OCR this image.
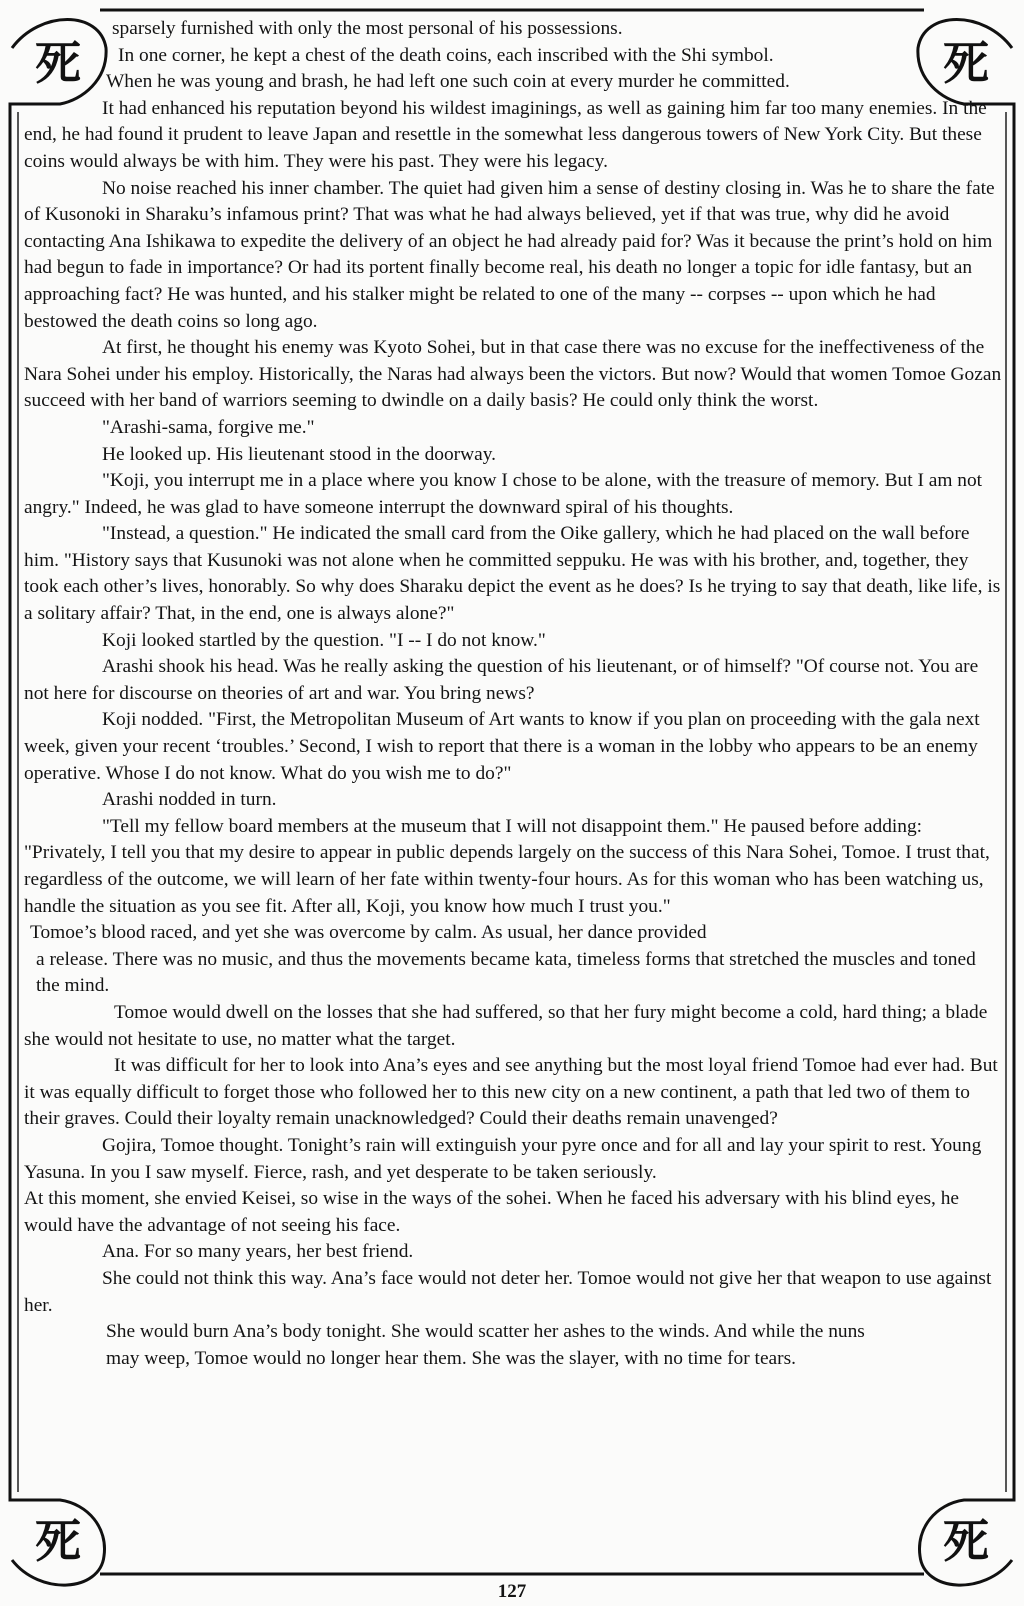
死	死
死	死

sparsely furnished with only the most personal of his possessions.

In one corner, he kept a chest of the death coins, each inscribed with the Shi symbol.

When he was young and brash, he had left one such coin at every murder he committed.

It had enhanced his reputation beyond his wildest imaginings, as well as gaining him far too many enemies. In the end, he had found it prudent to leave Japan and resettle in the somewhat less dangerous towers of New York City. But these coins would always be with him. They were his past. They were his legacy.

No noise reached his inner chamber. The quiet had given him a sense of destiny closing in. Was he to share the fate of Kusonoki in Sharaku’s infamous print? That was what he had always believed, yet if that was true, why did he avoid contacting Ana Ishikawa to expedite the delivery of an object he had already paid for? Was it because the print’s hold on him had begun to fade in importance? Or had its portent finally become real, his death no longer a topic for idle fantasy, but an approaching fact? He was hunted, and his stalker might be related to one of the many -- corpses -- upon which he had bestowed the death coins so long ago.

At first, he thought his enemy was Kyoto Sohei, but in that case there was no excuse for the ineffectiveness of the Nara Sohei under his employ. Historically, the Naras had always been the victors. But now? Would that women Tomoe Gozan succeed with her band of warriors seeming to dwindle on a daily basis? He could only think the worst.

"Arashi-sama, forgive me."

He looked up. His lieutenant stood in the doorway.

"Koji, you interrupt me in a place where you know I chose to be alone, with the treasure of memory. But I am not angry." Indeed, he was glad to have someone interrupt the downward spiral of his thoughts.

"Instead, a question." He indicated the small card from the Oike gallery, which he had placed on the wall before him. "History says that Kusunoki was not alone when he committed seppuku. He was with his brother, and, together, they took each other’s lives, honorably. So why does Sharaku depict the event as he does? Is he trying to say that death, like life, is a solitary affair? That, in the end, one is always alone?"

Koji looked startled by the question. "I -- I do not know."

Arashi shook his head. Was he really asking the question of his lieutenant, or of himself? "Of course not. You are not here for discourse on theories of art and war. You bring news?

Koji nodded. "First, the Metropolitan Museum of Art wants to know if you plan on proceeding with the gala next week, given your recent ‘troubles.’ Second, I wish to report that there is a woman in the lobby who appears to be an enemy operative. Whose I do not know. What do you wish me to do?"

Arashi nodded in turn.

"Tell my fellow board members at the museum that I will not disappoint them." He paused before adding: "Privately, I tell you that my desire to appear in public depends largely on the success of this Nara Sohei, Tomoe. I trust that, regardless of the outcome, we will learn of her fate within twenty-four hours. As for this woman who has been watching us, handle the situation as you see fit. After all, Koji, you know how much I trust you."

Tomoe’s blood raced, and yet she was overcome by calm. As usual, her dance provided

a release. There was no music, and thus the movements became kata, timeless forms that stretched the muscles and toned the mind.

Tomoe would dwell on the losses that she had suffered, so that her fury might become a cold, hard thing; a blade she would not hesitate to use, no matter what the target.

It was difficult for her to look into Ana’s eyes and see anything but the most loyal friend Tomoe had ever had. But it was equally difficult to forget those who followed her to this new city on a new continent, a path that led two of them to their graves. Could their loyalty remain unacknowledged? Could their deaths remain unavenged?

Gojira, Tomoe thought. Tonight’s rain will extinguish your pyre once and for all and lay your spirit to rest. Young Yasuna. In you I saw myself. Fierce, rash, and yet desperate to be taken seriously.

At this moment, she envied Keisei, so wise in the ways of the sohei. When he faced his adversary with his blind eyes, he would have the advantage of not seeing his face.

Ana. For so many years, her best friend.

She could not think this way. Ana’s face would not deter her. Tomoe would not give her that weapon to use against her.

She would burn Ana’s body tonight. She would scatter her ashes to the winds. And while the nuns may weep, Tomoe would no longer hear them. She was the slayer, with no time for tears.

127
